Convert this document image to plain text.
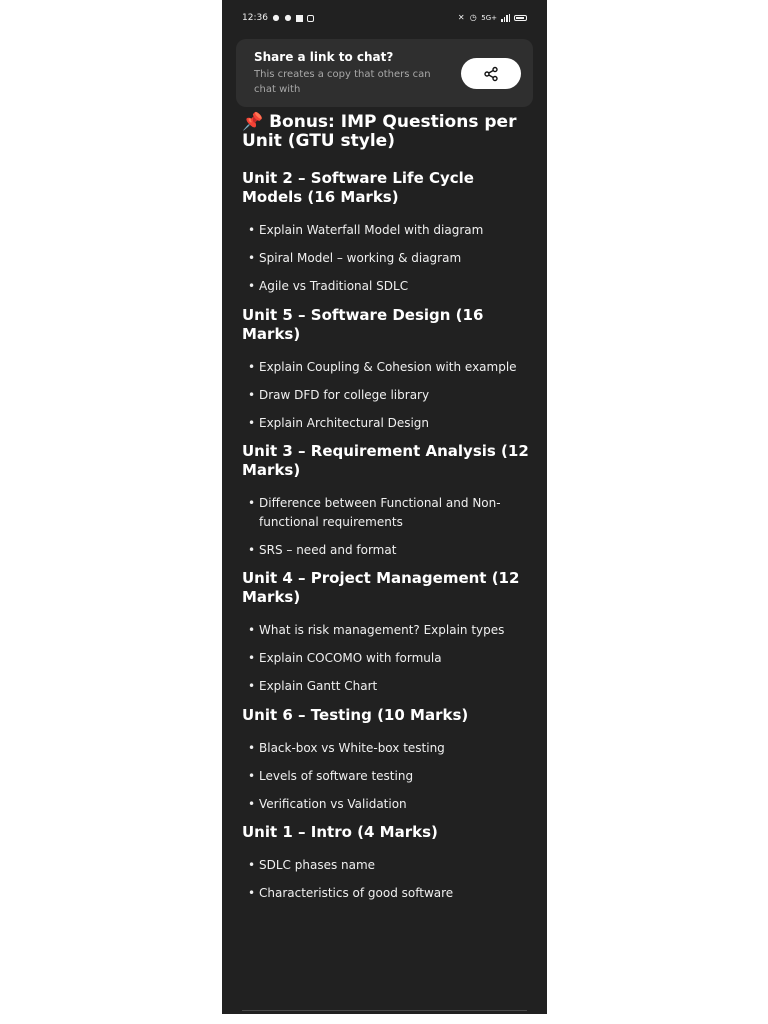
12:36 ● ●	✕ ◷ 5G+
Share a link to chat?
This creates a copy that others can chat with
📌 Bonus: IMP Questions per Unit (GTU style)
Unit 2 – Software Life Cycle Models (16 Marks)
• Explain Waterfall Model with diagram
• Spiral Model – working & diagram
• Agile vs Traditional SDLC
Unit 5 – Software Design (16 Marks)
• Explain Coupling & Cohesion with example
• Draw DFD for college library
• Explain Architectural Design
Unit 3 – Requirement Analysis (12 Marks)
• Difference between Functional and Non-functional requirements
• SRS – need and format
Unit 4 – Project Management (12 Marks)
• What is risk management? Explain types
• Explain COCOMO with formula
• Explain Gantt Chart
Unit 6 – Testing (10 Marks)
• Black-box vs White-box testing
• Levels of software testing
• Verification vs Validation
Unit 1 – Intro (4 Marks)
• SDLC phases name
• Characteristics of good software
